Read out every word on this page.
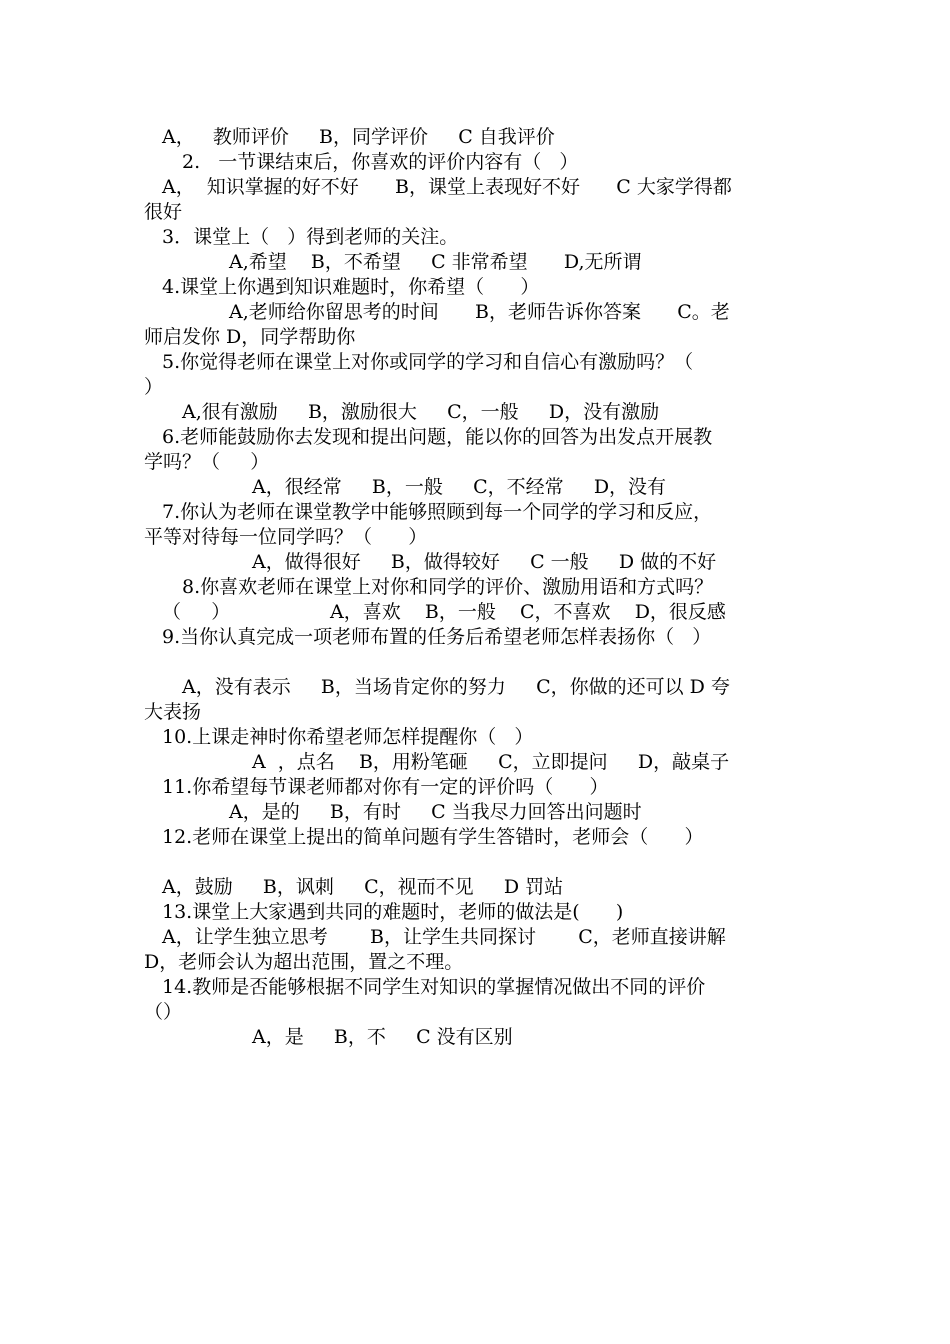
A，   教师评价     B，同学评价     C 自我评价

2.   一节课结束后，你喜欢的评价内容有（   ）

A，  知识掌握的好不好      B，课堂上表现好不好      C 大家学得都

很好

3．课堂上（   ）得到老师的关注。

A,希望    B，不希望     C 非常希望      D,无所谓

4.课堂上你遇到知识难题时，你希望（      ）

A,老师给你留思考的时间      B，老师告诉你答案      C。老

师启发你 D，同学帮助你

5.你觉得老师在课堂上对你或同学的学习和自信心有激励吗？（

）

A,很有激励     B，激励很大     C，一般     D，没有激励

6.老师能鼓励你去发现和提出问题，能以你的回答为出发点开展教

学吗？（     ）

A，很经常     B，一般     C，不经常     D，没有

7.你认为老师在课堂教学中能够照顾到每一个同学的学习和反应，

平等对待每一位同学吗？（      ）

A，做得很好     B，做得较好     C 一般     D 做的不好

8.你喜欢老师在课堂上对你和同学的评价、激励用语和方式吗？

（     ）	A，喜欢    B，一般    C，不喜欢    D，很反感

9.当你认真完成一项老师布置的任务后希望老师怎样表扬你（   ）

A，没有表示     B，当场肯定你的努力     C，你做的还可以 D 夸

大表扬

10.上课走神时你希望老师怎样提醒你（   ）

A  ，点名    B，用粉笔砸     C，立即提问     D，敲桌子

11.你希望每节课老师都对你有一定的评价吗（      ）

A，是的     B，有时     C 当我尽力回答出问题时

12.老师在课堂上提出的简单问题有学生答错时，老师会（      ）

A，鼓励     B，讽刺     C，视而不见     D 罚站

13.课堂上大家遇到共同的难题时，老师的做法是(      )

A，让学生独立思考       B，让学生共同探讨       C，老师直接讲解

D，老师会认为超出范围，置之不理。

14.教师是否能够根据不同学生对知识的掌握情况做出不同的评价

（）

A，是     B，不     C 没有区别
